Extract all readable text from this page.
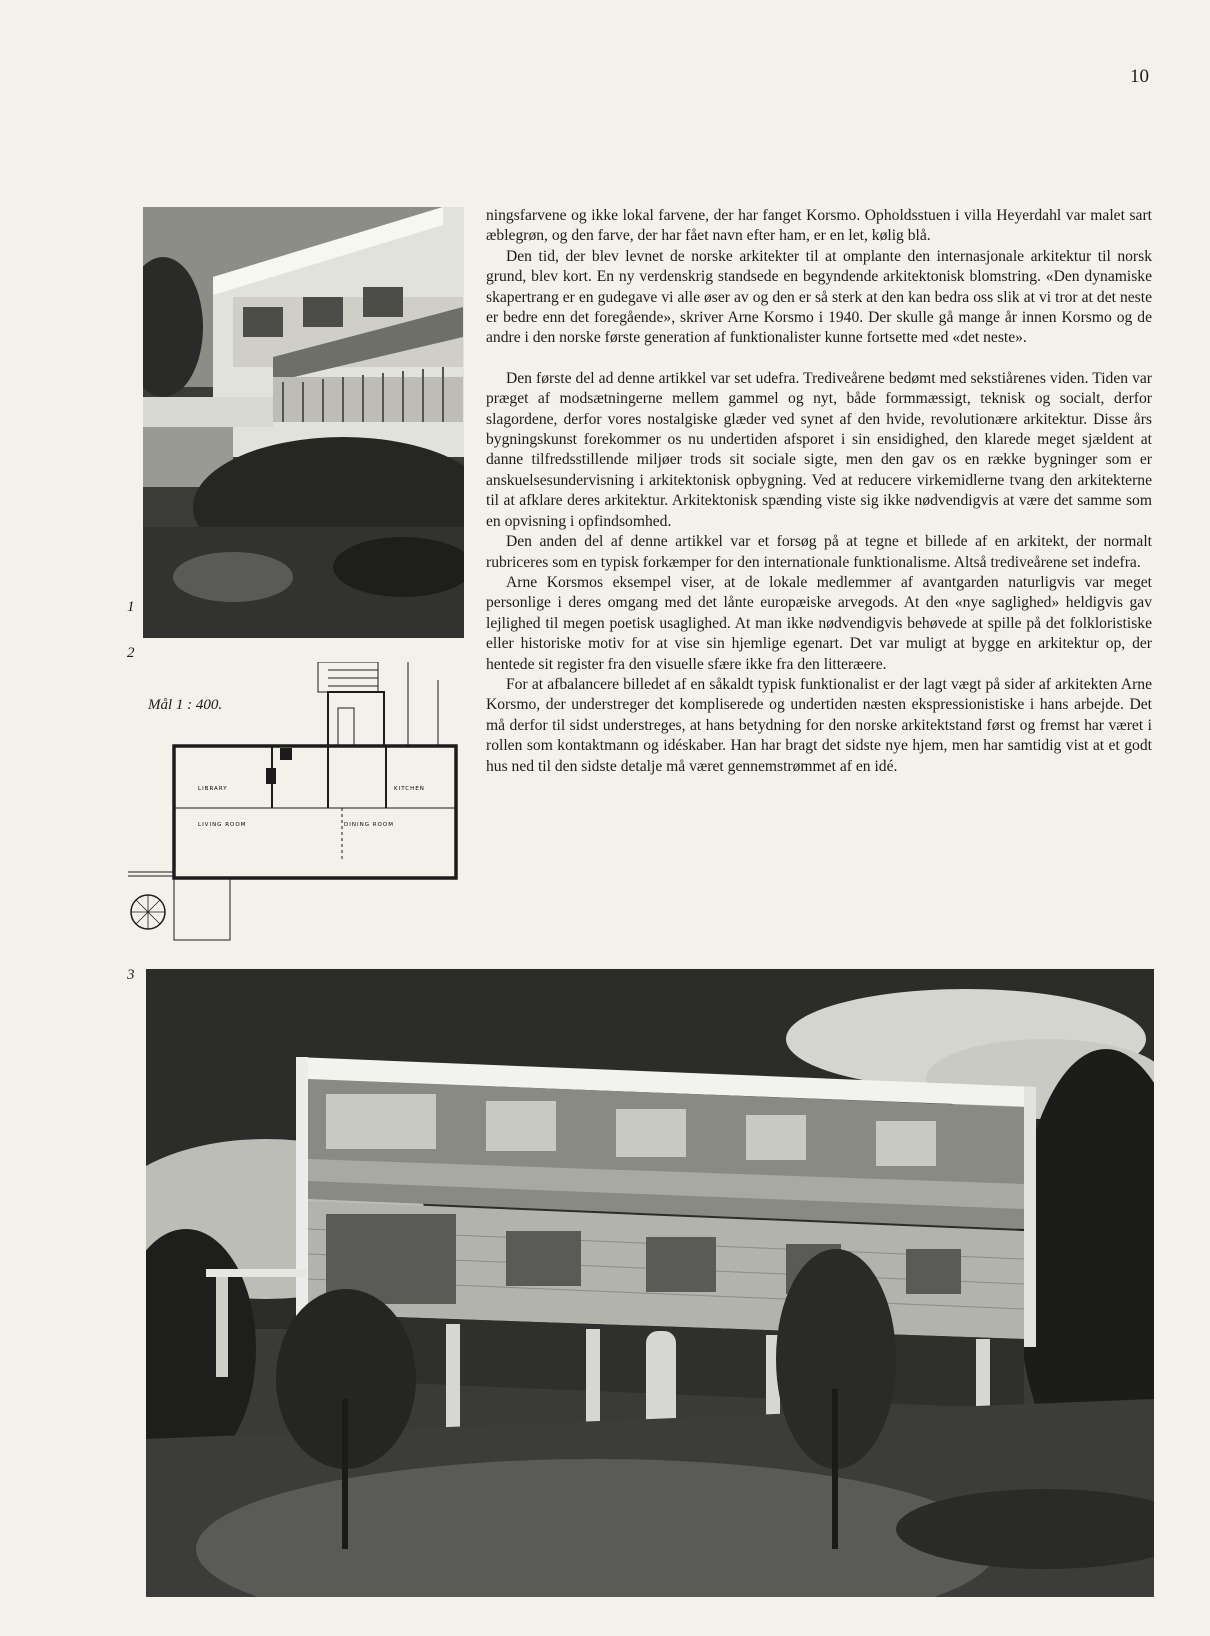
10
1
2
Mål 1 : 400.
LIBRARY	KITCHEN
LIVING ROOM	DINING ROOM

ningsfarvene og ikke lokal farvene, der har fanget Korsmo. Opholdsstuen i villa Heyerdahl var malet sart æblegrøn, og den farve, der har fået navn efter ham, er en let, kølig blå.

Den tid, der blev levnet de norske arkitekter til at omplante den internasjonale arkitektur til norsk grund, blev kort. En ny verdenskrig standsede en begyndende arkitektonisk blomstring. «Den dynamiske skapertrang er en gudegave vi alle øser av og den er så sterk at den kan bedra oss slik at vi tror at det neste er bedre enn det foregående», skriver Arne Korsmo i 1940. Der skulle gå mange år innen Korsmo og de andre i den norske første generation af funktionalister kunne fortsette med «det neste».

Den første del ad denne artikkel var set udefra. Trediveårene bedømt med sekstiårenes viden. Tiden var præget af modsætningerne mellem gammel og nyt, både formmæssigt, teknisk og socialt, derfor slagordene, derfor vores nostalgiske glæder ved synet af den hvide, revolutionære arkitektur. Disse års bygningskunst forekommer os nu undertiden afsporet i sin ensidighed, den klarede meget sjældent at danne tilfredsstillende miljøer trods sit sociale sigte, men den gav os en række bygninger som er anskuelsesundervisning i arkitektonisk opbygning. Ved at reducere virkemidlerne tvang den arkitekterne til at afklare deres arkitektur. Arkitektonisk spænding viste sig ikke nødvendigvis at være det samme som en opvisning i opfindsomhed.

Den anden del af denne artikkel var et forsøg på at tegne et billede af en arkitekt, der normalt rubriceres som en typisk forkæmper for den internationale funktionalisme. Altså trediveårene set indefra.

Arne Korsmos eksempel viser, at de lokale medlemmer af avantgarden naturligvis var meget personlige i deres omgang med det lånte europæiske arvegods. At den «nye saglighed» heldigvis gav lejlighed til megen poetisk usaglighed. At man ikke nødvendigvis behøvede at spille på det folkloristiske eller historiske motiv for at vise sin hjemlige egenart. Det var muligt at bygge en arkitektur op, der hentede sit register fra den visuelle sfære ikke fra den litteræere.

For at afbalancere billedet af en såkaldt typisk funktionalist er der lagt vægt på sider af arkitekten Arne Korsmo, der understreger det kompliserede og undertiden næsten ekspressionistiske i hans arbejde. Det må derfor til sidst understreges, at hans betydning for den norske arkitektstand først og fremst har været i rollen som kontaktmann og idéskaber. Han har bragt det sidste nye hjem, men har samtidig vist at et godt hus ned til den sidste detalje må været gennemstrømmet af en idé.

3
